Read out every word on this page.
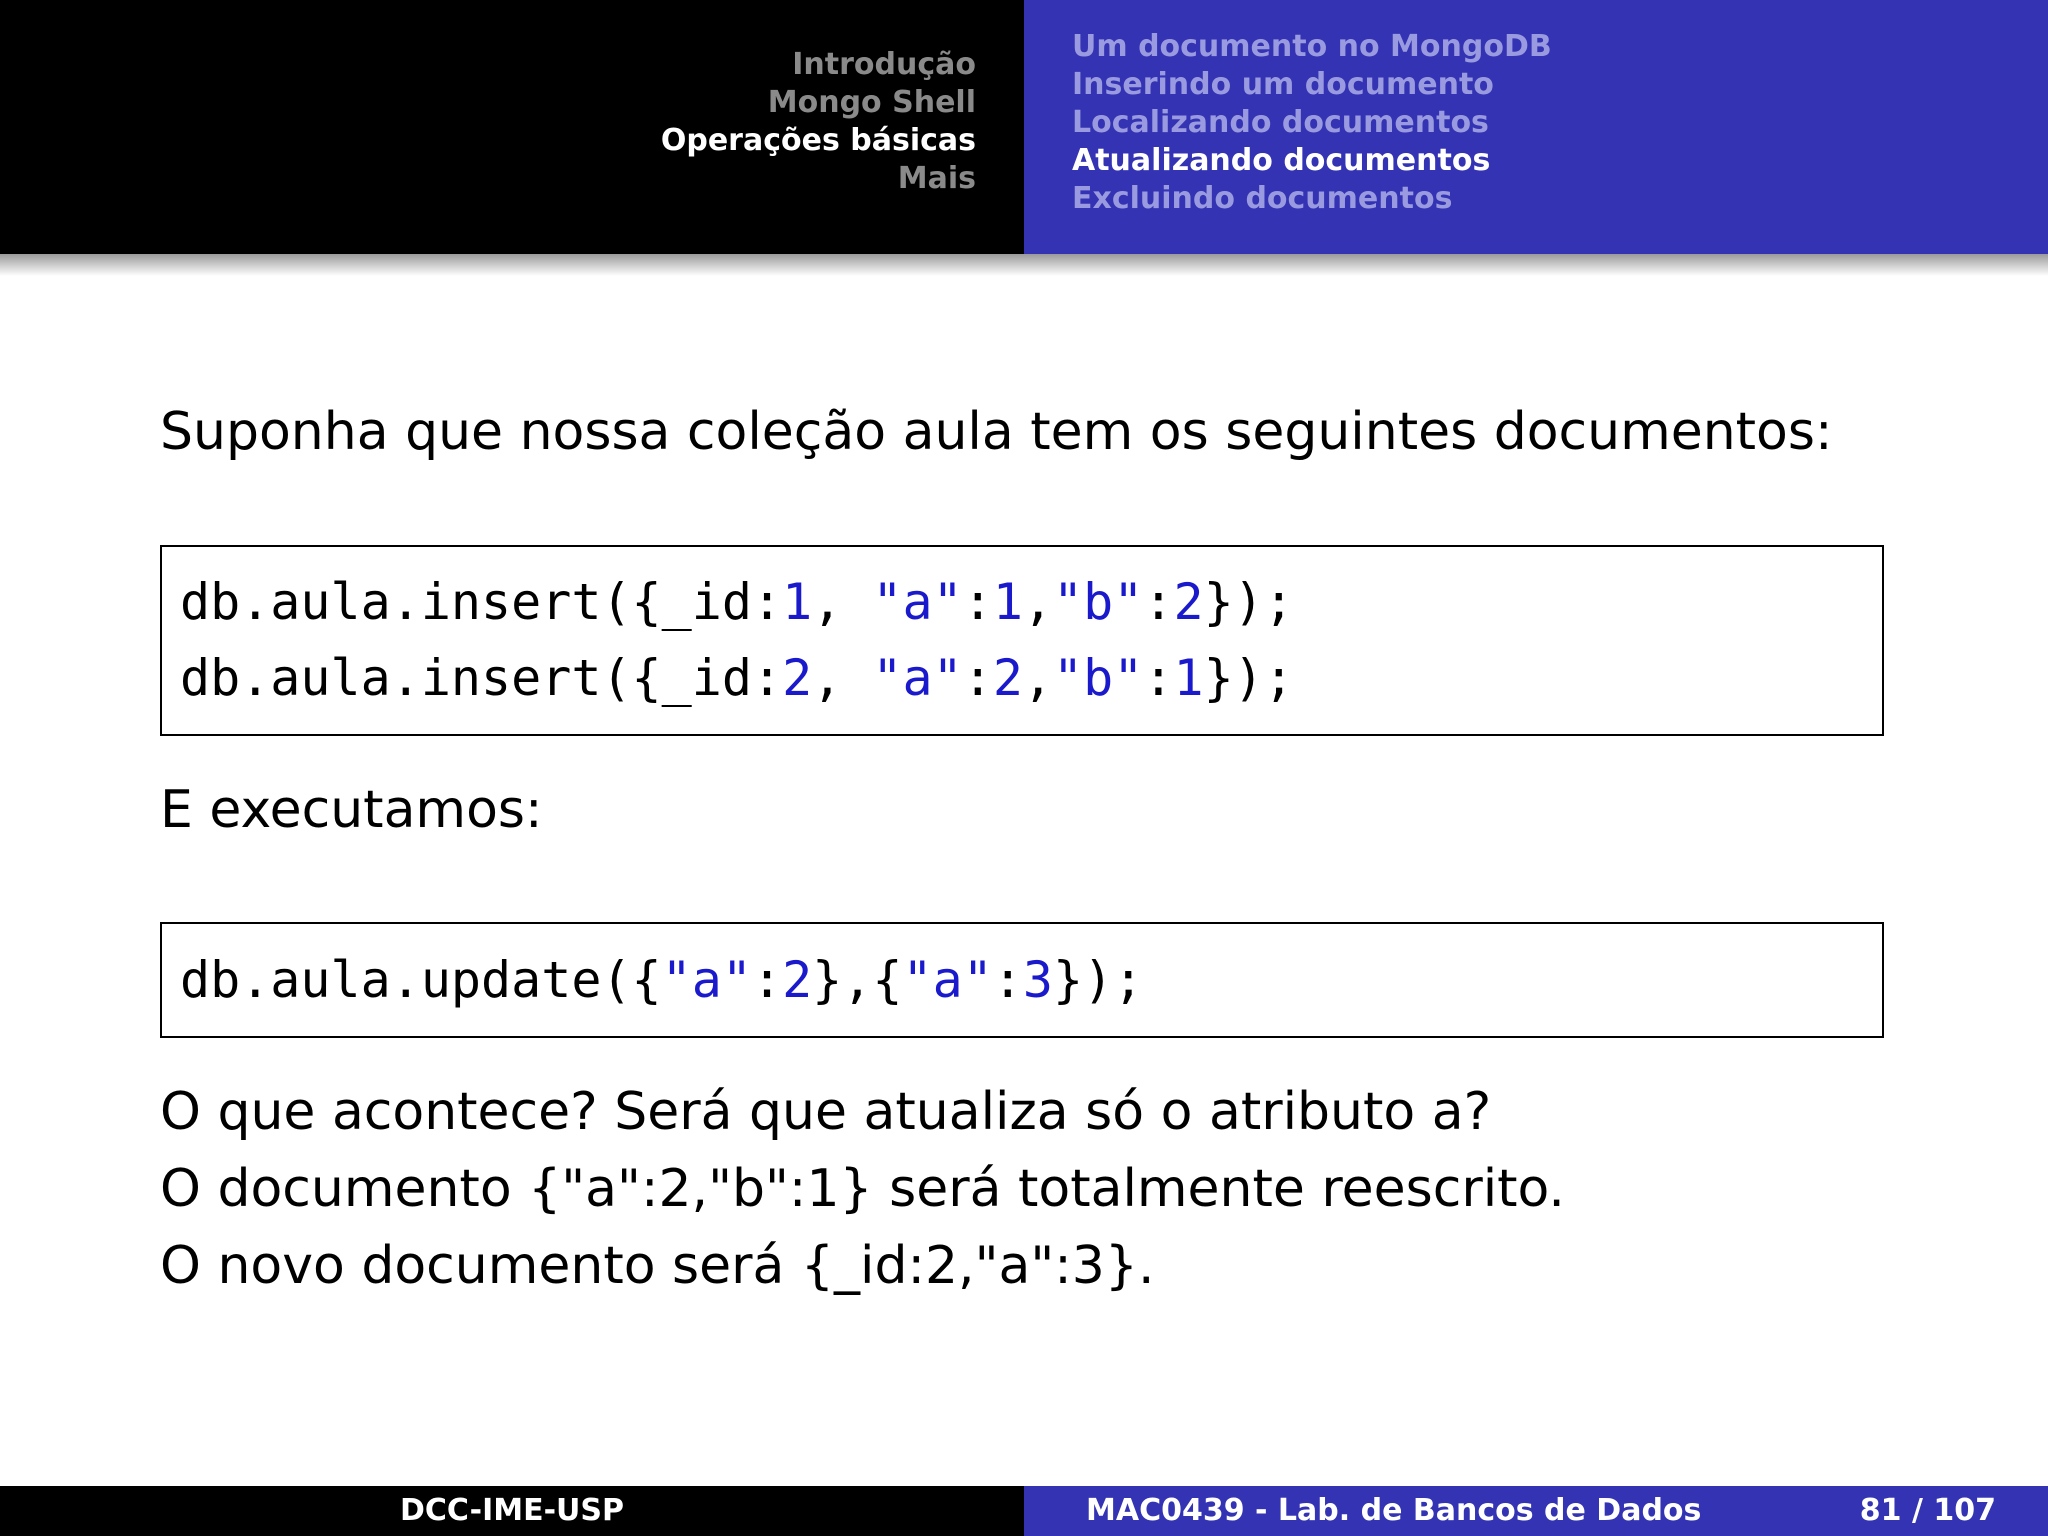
Introdução
Mongo Shell
Operações básicas
Mais
Um documento no MongoDB
Inserindo um documento
Localizando documentos
Atualizando documentos
Excluindo documentos
Suponha que nossa coleção aula tem os seguintes documentos:
db.aula.insert({_id:1, "a":1,"b":2});
db.aula.insert({_id:2, "a":2,"b":1});
E executamos:
db.aula.update({"a":2},{"a":3});
O que acontece? Será que atualiza só o atributo a?
O documento {"a":2,"b":1} será totalmente reescrito.
O novo documento será {_id:2,"a":3}.
DCC-IME-USP	MAC0439 - Lab. de Bancos de Dados	81 / 107
